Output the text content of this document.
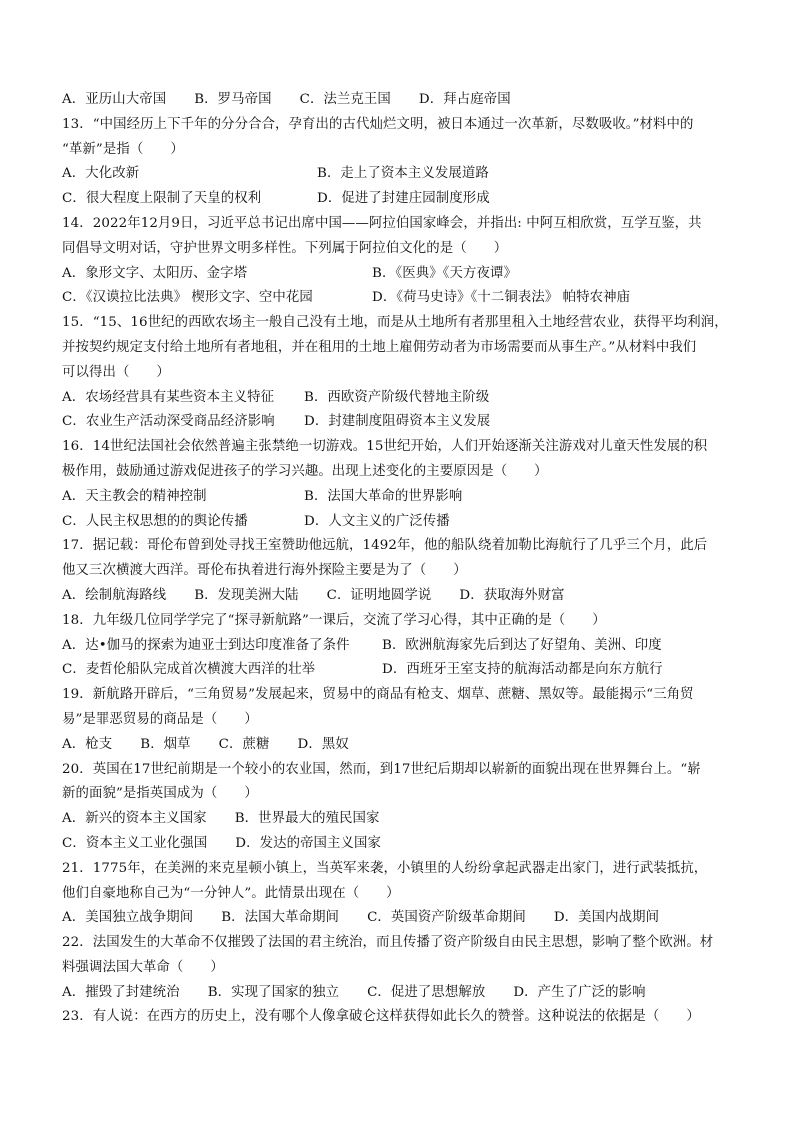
A．亚历山大帝国 B．罗马帝国 C．法兰克王国 D．拜占庭帝国
13．“中国经历上下千年的分分合合，孕育出的古代灿烂文明，被日本通过一次革新，尽数吸收。”材料中的
“革新”是指（　　）
A．大化改新	B．走上了资本主义发展道路
C．很大程度上限制了天皇的权利	D．促进了封建庄园制度形成
14．2022年12月9日，习近平总书记出席中国——阿拉伯国家峰会，并指出: 中阿互相欣赏，互学互鉴，共
同倡导文明对话，守护世界文明多样性。下列属于阿拉伯文化的是（　　）
A．象形文字、太阳历、金字塔	B．《医典》《天方夜谭》
C．《汉谟拉比法典》 楔形文字、空中花园	D．《荷马史诗》《十二铜表法》 帕特农神庙
15．“15、16世纪的西欧农场主一般自己没有土地，而是从土地所有者那里租入土地经营农业，获得平均利润，
并按契约规定支付给土地所有者地租，并在租用的土地上雇佣劳动者为市场需要而从事生产。”从材料中我们
可以得出（　　）
A．农场经营具有某些资本主义特征	B．西欧资产阶级代替地主阶级
C．农业生产活动深受商品经济影响	D．封建制度阻碍资本主义发展
16．14世纪法国社会依然普遍主张禁绝一切游戏。15世纪开始，人们开始逐渐关注游戏对儿童天性发展的积
极作用，鼓励通过游戏促进孩子的学习兴趣。出现上述变化的主要原因是（　　）
A．天主教会的精神控制	B．法国大革命的世界影响
C．人民主权思想的的舆论传播	D．人文主义的广泛传播
17．据记载：哥伦布曾到处寻找王室赞助他远航，1492年，他的船队绕着加勒比海航行了几乎三个月，此后
他又三次横渡大西洋。哥伦布执着进行海外探险主要是为了（　　）
A．绘制航海路线 B．发现美洲大陆 C．证明地圆学说 D．获取海外财富
18．九年级几位同学学完了“探寻新航路”一课后，交流了学习心得，其中正确的是（　　）
A．达•伽马的探索为迪亚士到达印度准备了条件	B．欧洲航海家先后到达了好望角、美洲、印度
C．麦哲伦船队完成首次横渡大西洋的壮举	D．西班牙王室支持的航海活动都是向东方航行
19．新航路开辟后，“三角贸易”发展起来，贸易中的商品有枪支、烟草、蔗糖、黑奴等。最能揭示“三角贸
易”是罪恶贸易的商品是（　　）
A．枪支 B．烟草 C．蔗糖 D．黑奴
20．英国在17世纪前期是一个较小的农业国，然而，到17世纪后期却以崭新的面貌出现在世界舞台上。“崭
新的面貌”是指英国成为（　　）
A．新兴的资本主义国家 B．世界最大的殖民国家
C．资本主义工业化强国 D．发达的帝国主义国家
21．1775年，在美洲的来克星顿小镇上，当英军来袭，小镇里的人纷纷拿起武器走出家门，进行武装抵抗，
他们自豪地称自己为“一分钟人”。此情景出现在（　　）
A．美国独立战争期间 B．法国大革命期间 C．英国资产阶级革命期间 D．美国内战期间
22．法国发生的大革命不仅摧毁了法国的君主统治，而且传播了资产阶级自由民主思想，影响了整个欧洲。材
料强调法国大革命（　　）
A．摧毁了封建统治 B．实现了国家的独立 C．促进了思想解放 D．产生了广泛的影响
23．有人说：在西方的历史上，没有哪个人像拿破仑这样获得如此长久的赞誉。这种说法的依据是（　　）
